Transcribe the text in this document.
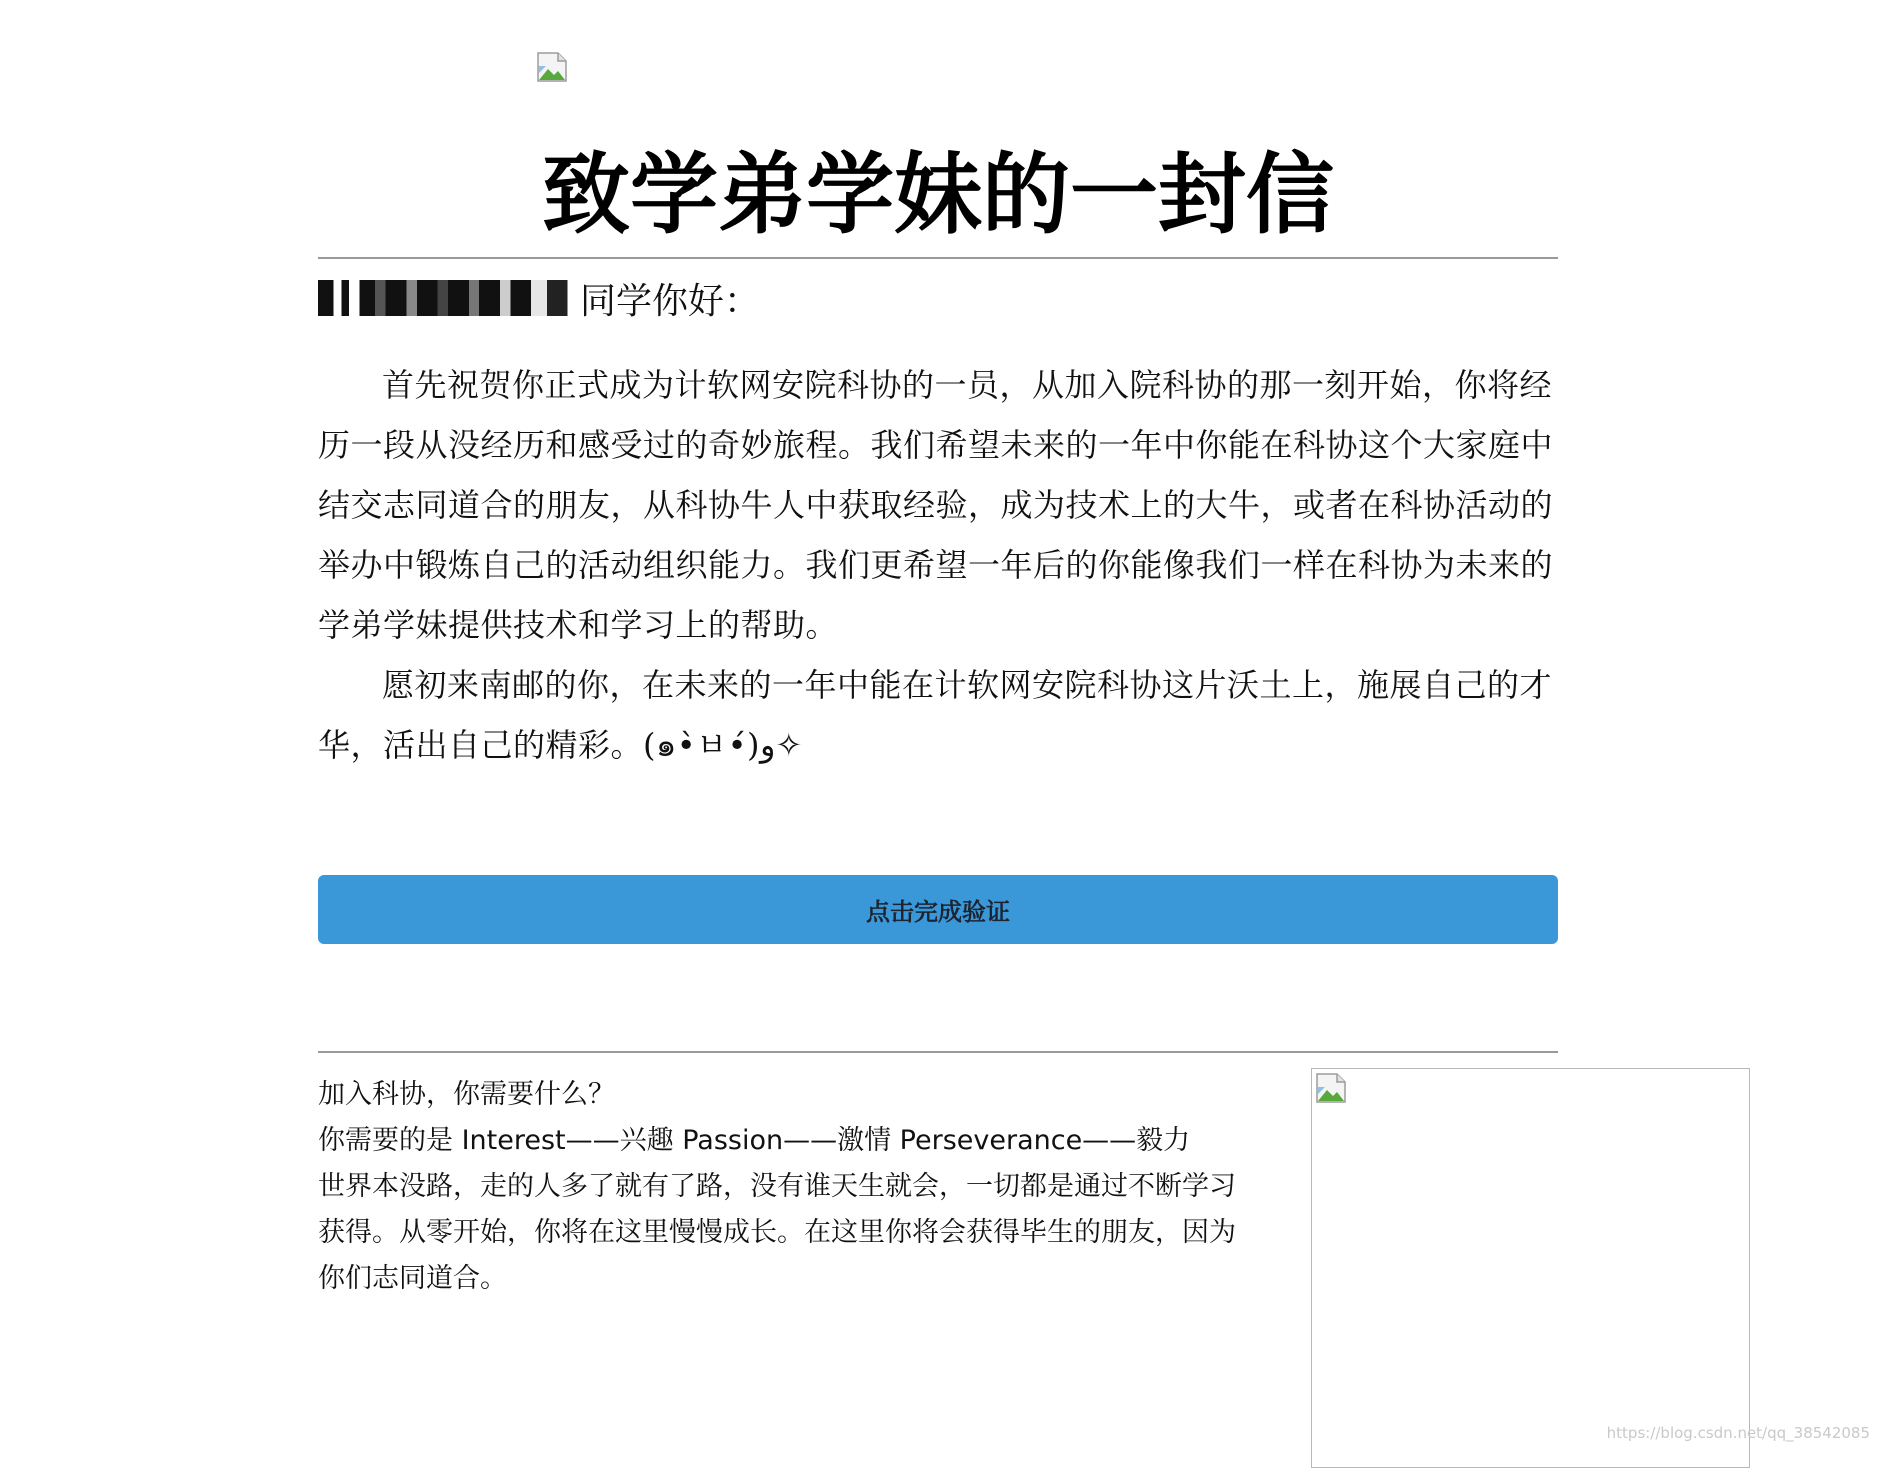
致学弟学妹的一封信
同学你好：

首先祝贺你正式成为计软网安院科协的一员，从加入院科协的那一刻开始，你将经历一段从没经历和感受过的奇妙旅程。我们希望未来的一年中你能在科协这个大家庭中结交志同道合的朋友，从科协牛人中获取经验，成为技术上的大牛，或者在科协活动的举办中锻炼自己的活动组织能力。我们更希望一年后的你能像我们一样在科协为未来的学弟学妹提供技术和学习上的帮助。

愿初来南邮的你，在未来的一年中能在计软网安院科协这片沃土上，施展自己的才华，活出自己的精彩。(๑•̀ㅂ•́)و✧

点击完成验证

加入科协，你需要什么？

你需要的是 Interest——兴趣 Passion——激情 Perseverance——毅力

世界本没路，走的人多了就有了路，没有谁天生就会，一切都是通过不断学习获得。从零开始，你将在这里慢慢成长。在这里你将会获得毕生的朋友，因为你们志同道合。

https://blog.csdn.net/qq_38542085
